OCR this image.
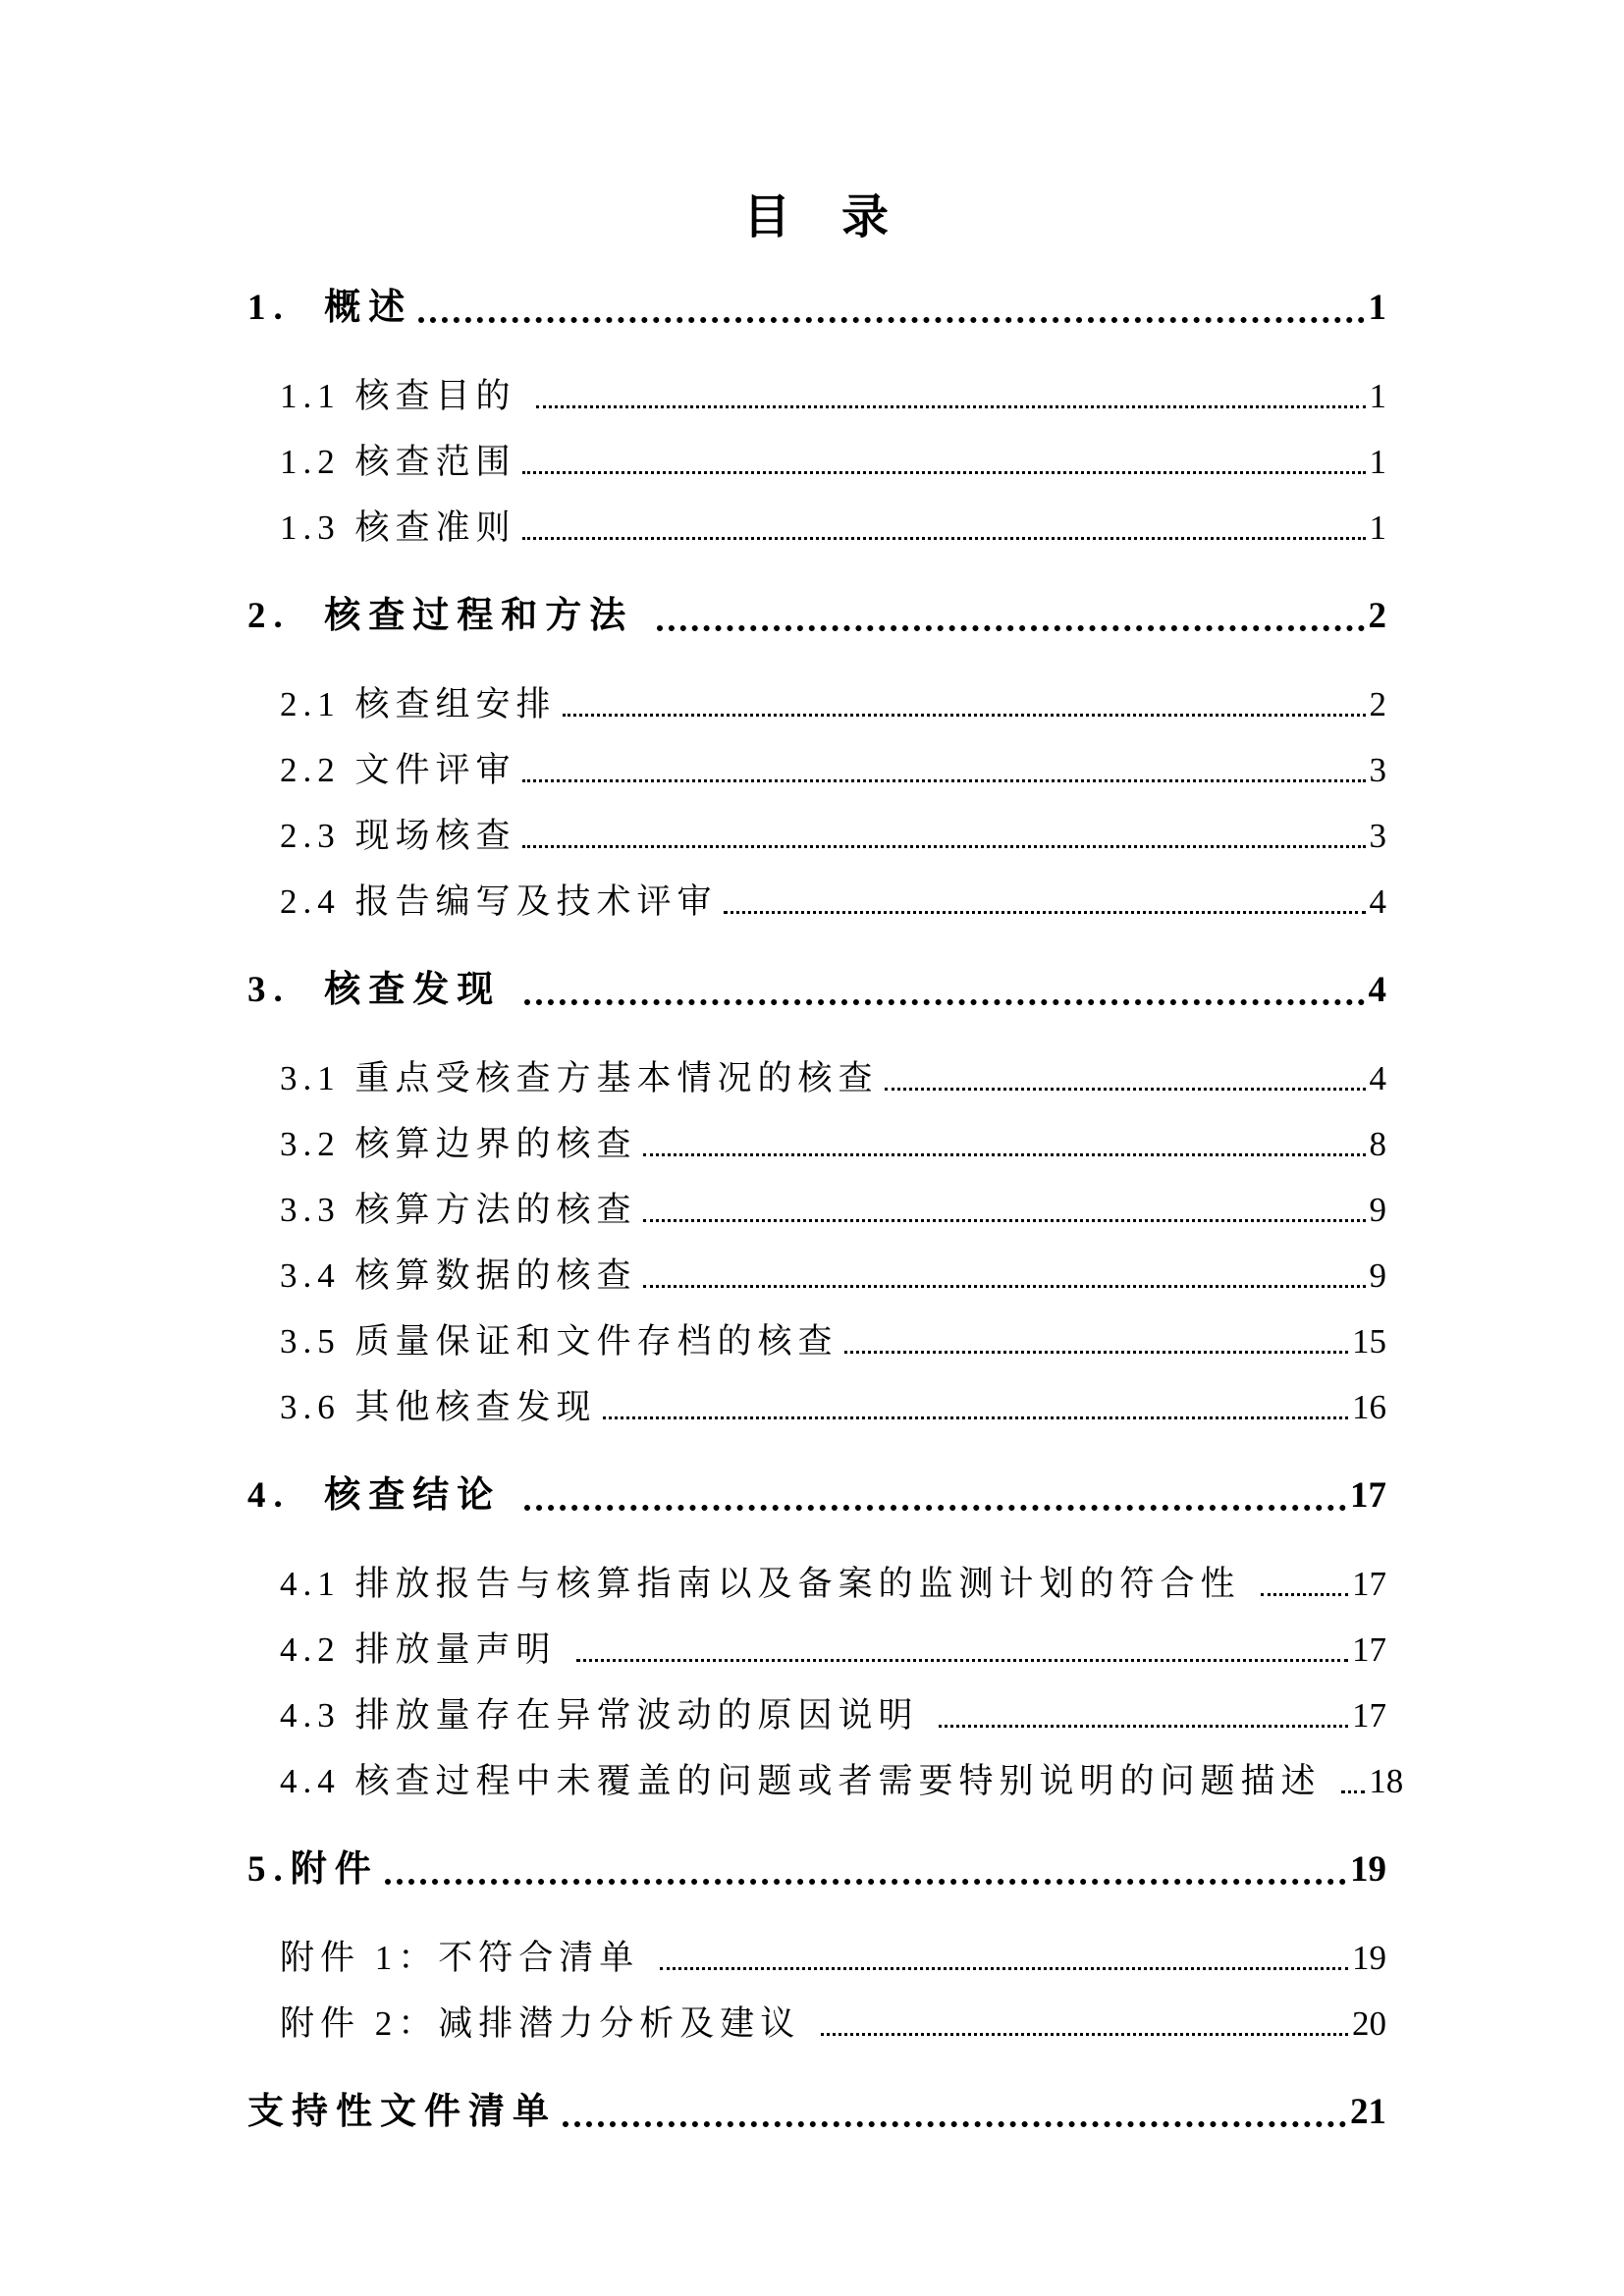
目　录
1.  概述	1
1.1 核查目的	1
1.2 核查范围	1
1.3 核查准则	1
2.  核查过程和方法	2
2.1 核查组安排	2
2.2 文件评审	3
2.3 现场核查	3
2.4 报告编写及技术评审	4
3.  核查发现	4
3.1 重点受核查方基本情况的核查	4
3.2 核算边界的核查	8
3.3 核算方法的核查	9
3.4 核算数据的核查	9
3.5 质量保证和文件存档的核查	15
3.6 其他核查发现	16
4.  核查结论	17
4.1 排放报告与核算指南以及备案的监测计划的符合性	17
4.2 排放量声明	17
4.3 排放量存在异常波动的原因说明	17
4.4 核查过程中未覆盖的问题或者需要特别说明的问题描述 18
5.附件	19
附件 1：不符合清单	19
附件 2：减排潜力分析及建议	20
支持性文件清单	21
